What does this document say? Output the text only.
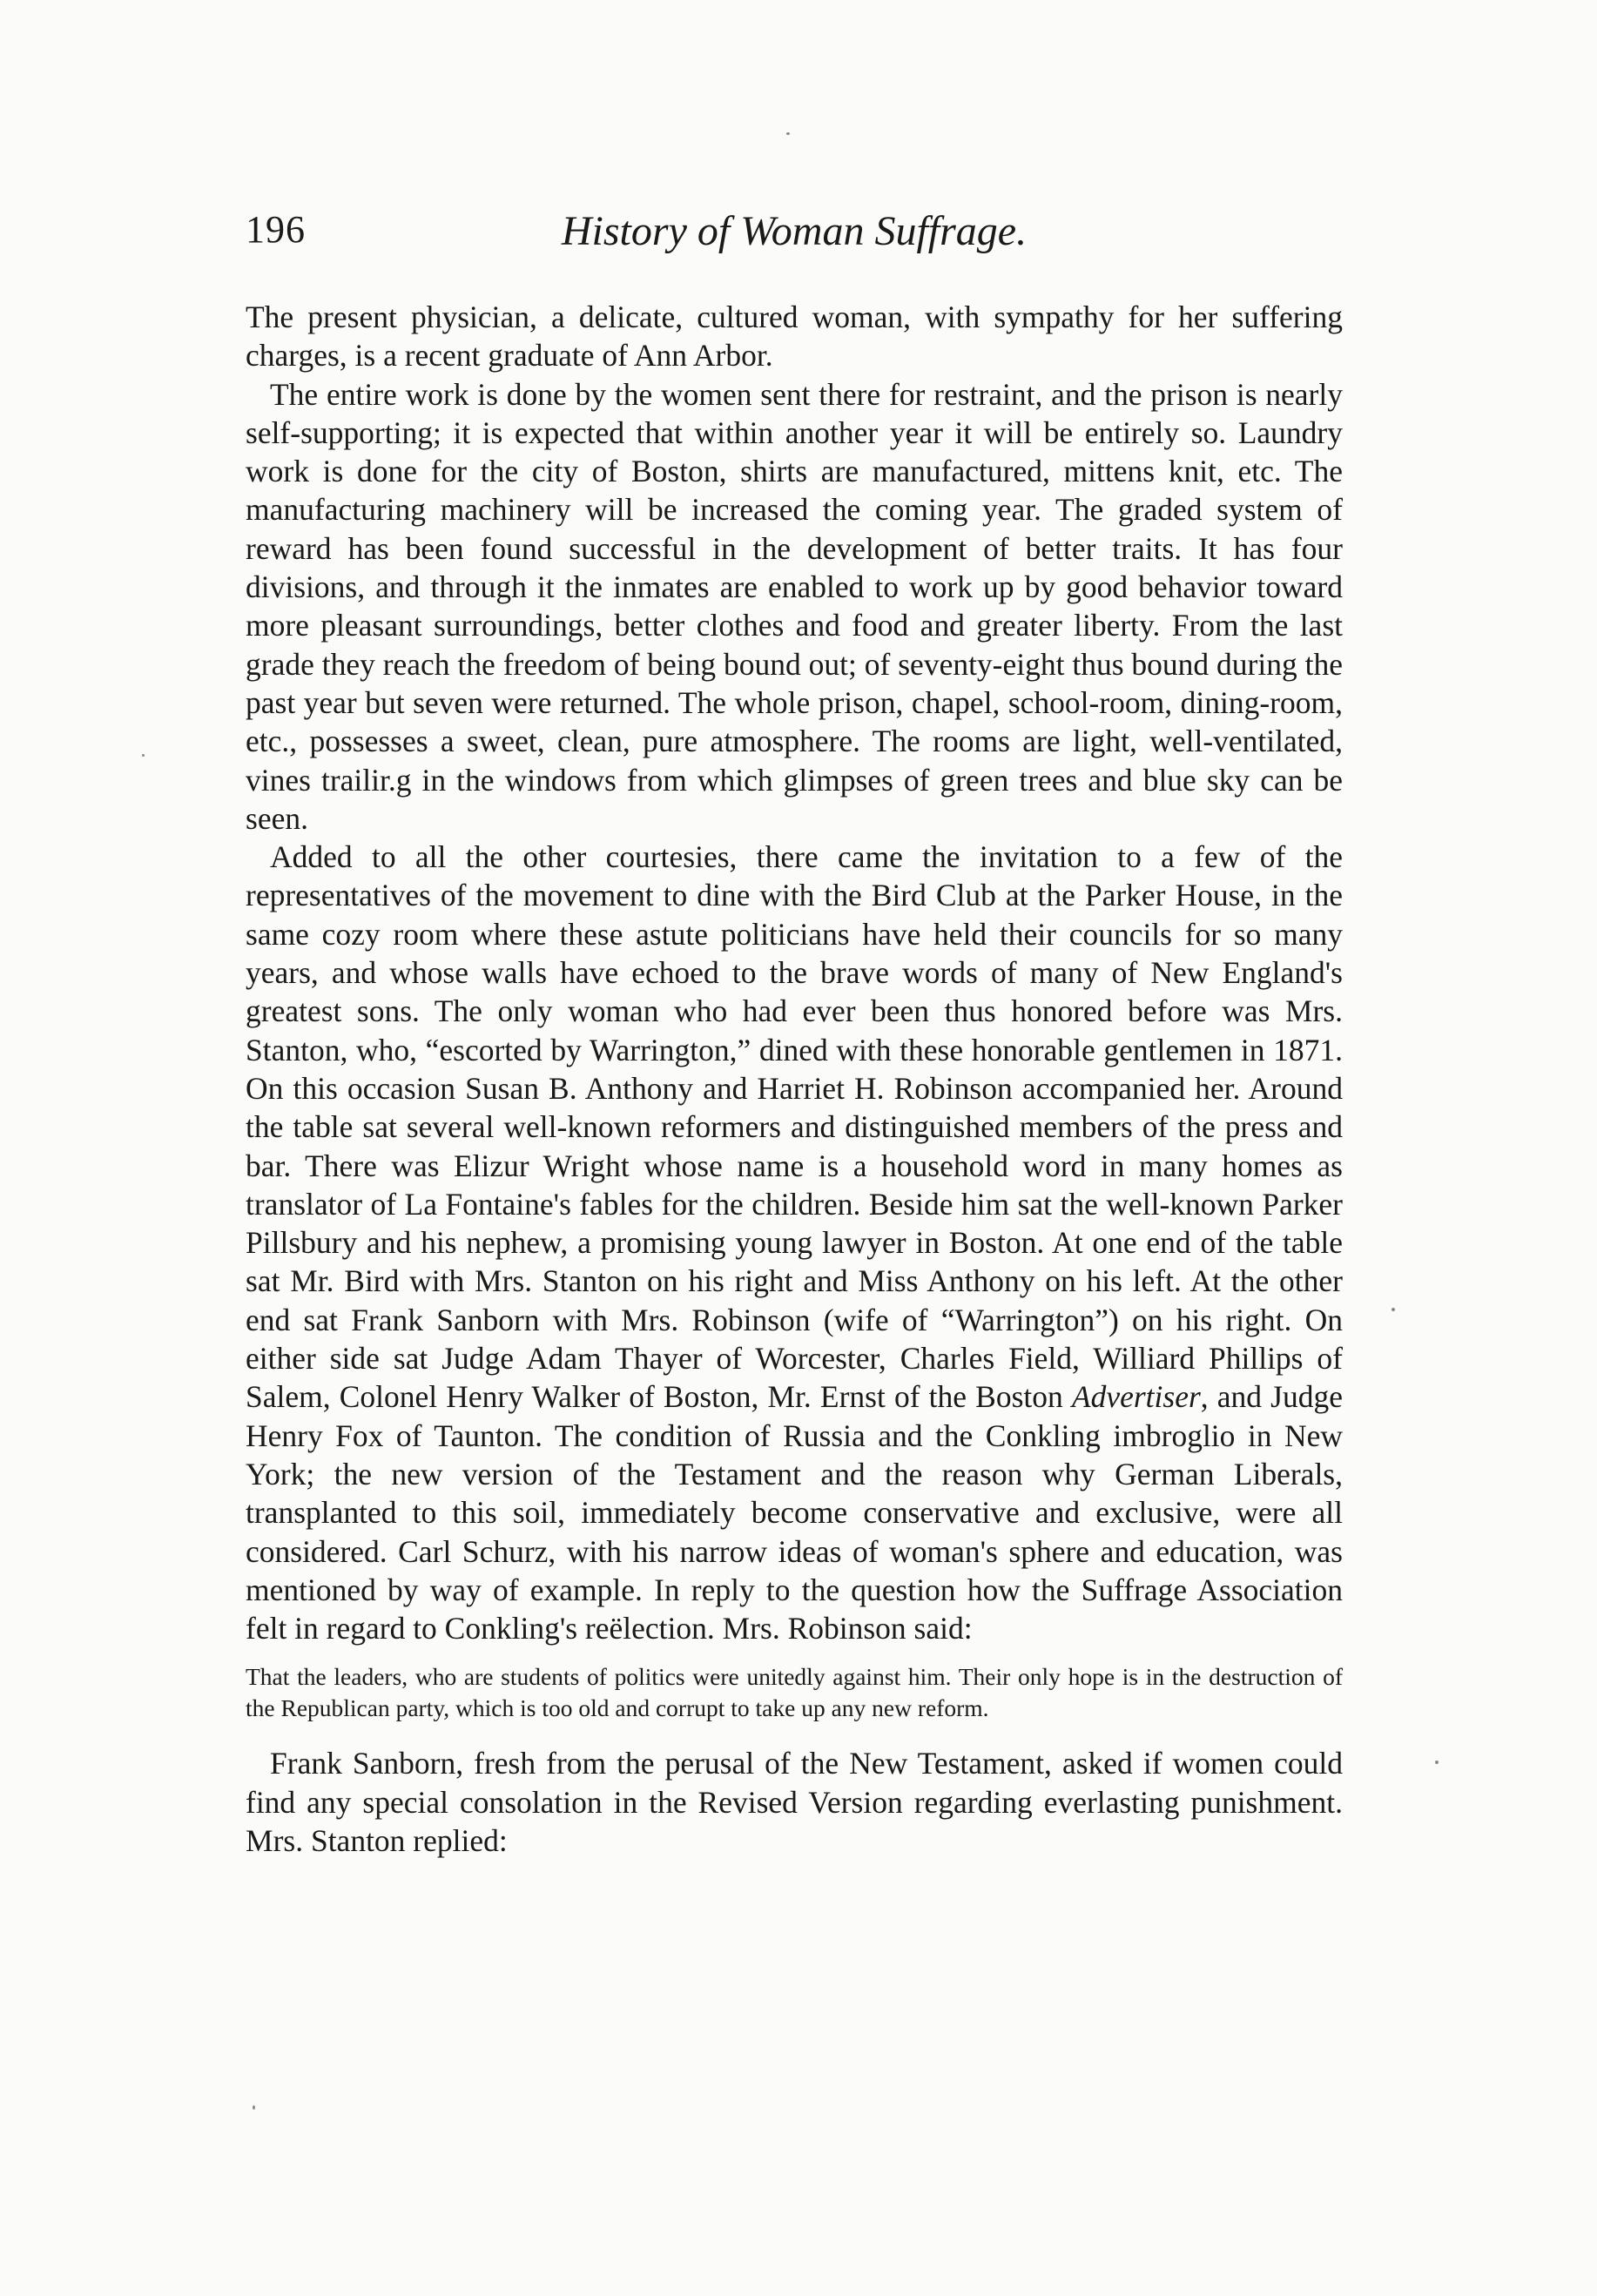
History of Woman Suffrage.
196

The present physician, a delicate, cultured woman, with sympathy for her suffering charges, is a recent graduate of Ann Arbor.

The entire work is done by the women sent there for restraint, and the prison is nearly self-supporting; it is expected that within another year it will be entirely so. Laundry work is done for the city of Boston, shirts are manufactured, mittens knit, etc. The manufacturing machinery will be increased the coming year. The graded system of reward has been found successful in the development of better traits. It has four divisions, and through it the inmates are enabled to work up by good behavior toward more pleasant surroundings, better clothes and food and greater liberty. From the last grade they reach the freedom of being bound out; of seventy-eight thus bound during the past year but seven were returned. The whole prison, chapel, school-room, dining-room, etc., possesses a sweet, clean, pure atmosphere. The rooms are light, well-ventilated, vines trailir.g in the windows from which glimpses of green trees and blue sky can be seen.

Added to all the other courtesies, there came the invitation to a few of the representatives of the movement to dine with the Bird Club at the Parker House, in the same cozy room where these astute politicians have held their councils for so many years, and whose walls have echoed to the brave words of many of New England's greatest sons. The only woman who had ever been thus honored before was Mrs. Stanton, who, “escorted by Warrington,” dined with these honorable gentlemen in 1871. On this occasion Susan B. Anthony and Harriet H. Robinson accompanied her. Around the table sat several well-known reformers and distinguished members of the press and bar. There was Elizur Wright whose name is a household word in many homes as translator of La Fontaine's fables for the children. Beside him sat the well-known Parker Pillsbury and his nephew, a promising young lawyer in Boston. At one end of the table sat Mr. Bird with Mrs. Stanton on his right and Miss Anthony on his left. At the other end sat Frank Sanborn with Mrs. Robinson (wife of “Warrington”) on his right. On either side sat Judge Adam Thayer of Worcester, Charles Field, Williard Phillips of Salem, Colonel Henry Walker of Boston, Mr. Ernst of the Boston Advertiser, and Judge Henry Fox of Taunton. The condition of Russia and the Conkling imbroglio in New York; the new version of the Testament and the reason why German Liberals, transplanted to this soil, immediately become conservative and exclusive, were all considered. Carl Schurz, with his narrow ideas of woman's sphere and education, was mentioned by way of example. In reply to the question how the Suffrage Association felt in regard to Conkling's reëlection. Mrs. Robinson said:

That the leaders, who are students of politics were unitedly against him. Their only hope is in the destruction of the Republican party, which is too old and corrupt to take up any new reform.

Frank Sanborn, fresh from the perusal of the New Testament, asked if women could find any special consolation in the Revised Version regarding everlasting punishment. Mrs. Stanton replied:
